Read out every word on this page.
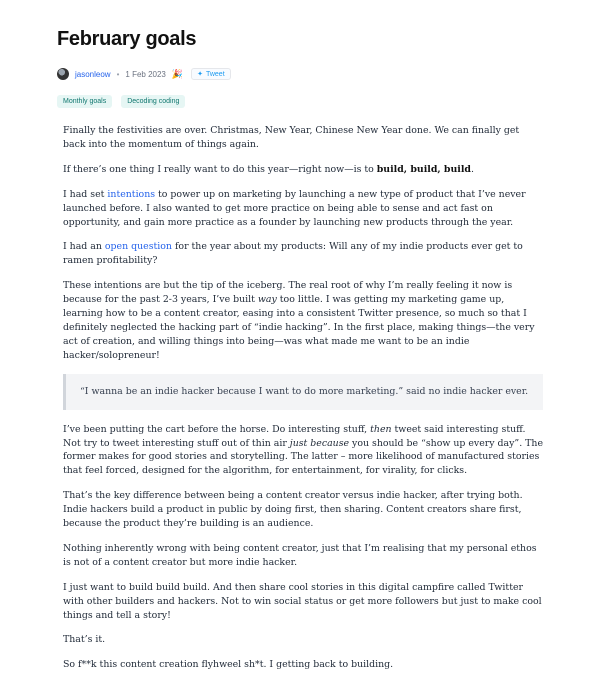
February goals
jasonleow • 1 Feb 2023 🎉 ✦ Tweet
Monthly goals	Decoding coding

Finally the festivities are over. Christmas, New Year, Chinese New Year done. We can finally get back into the momentum of things again.

If there’s one thing I really want to do this year—right now—is to build, build, build.

I had set intentions to power up on marketing by launching a new type of product that I’ve never launched before. I also wanted to get more practice on being able to sense and act fast on opportunity, and gain more practice as a founder by launching new products through the year.

I had an open question for the year about my products: Will any of my indie products ever get to ramen profitability?

These intentions are but the tip of the iceberg. The real root of why I’m really feeling it now is because for the past 2-3 years, I’ve built way too little. I was getting my marketing game up, learning how to be a content creator, easing into a consistent Twitter presence, so much so that I definitely neglected the hacking part of “indie hacking”. In the first place, making things—the very act of creation, and willing things into being—was what made me want to be an indie hacker/solopreneur!

“I wanna be an indie hacker because I want to do more marketing.” said no indie hacker ever.

I’ve been putting the cart before the horse. Do interesting stuff, then tweet said interesting stuff. Not try to tweet interesting stuff out of thin air just because you should be “show up every day”. The former makes for good stories and storytelling. The latter – more likelihood of manufactured stories that feel forced, designed for the algorithm, for entertainment, for virality, for clicks.

That’s the key difference between being a content creator versus indie hacker, after trying both. Indie hackers build a product in public by doing first, then sharing. Content creators share first, because the product they’re building is an audience.

Nothing inherently wrong with being content creator, just that I’m realising that my personal ethos is not of a content creator but more indie hacker.

I just want to build build build. And then share cool stories in this digital campfire called Twitter with other builders and hackers. Not to win social status or get more followers but just to make cool things and tell a story!

That’s it.

So f**k this content creation flyhweel sh*t. I getting back to building.
